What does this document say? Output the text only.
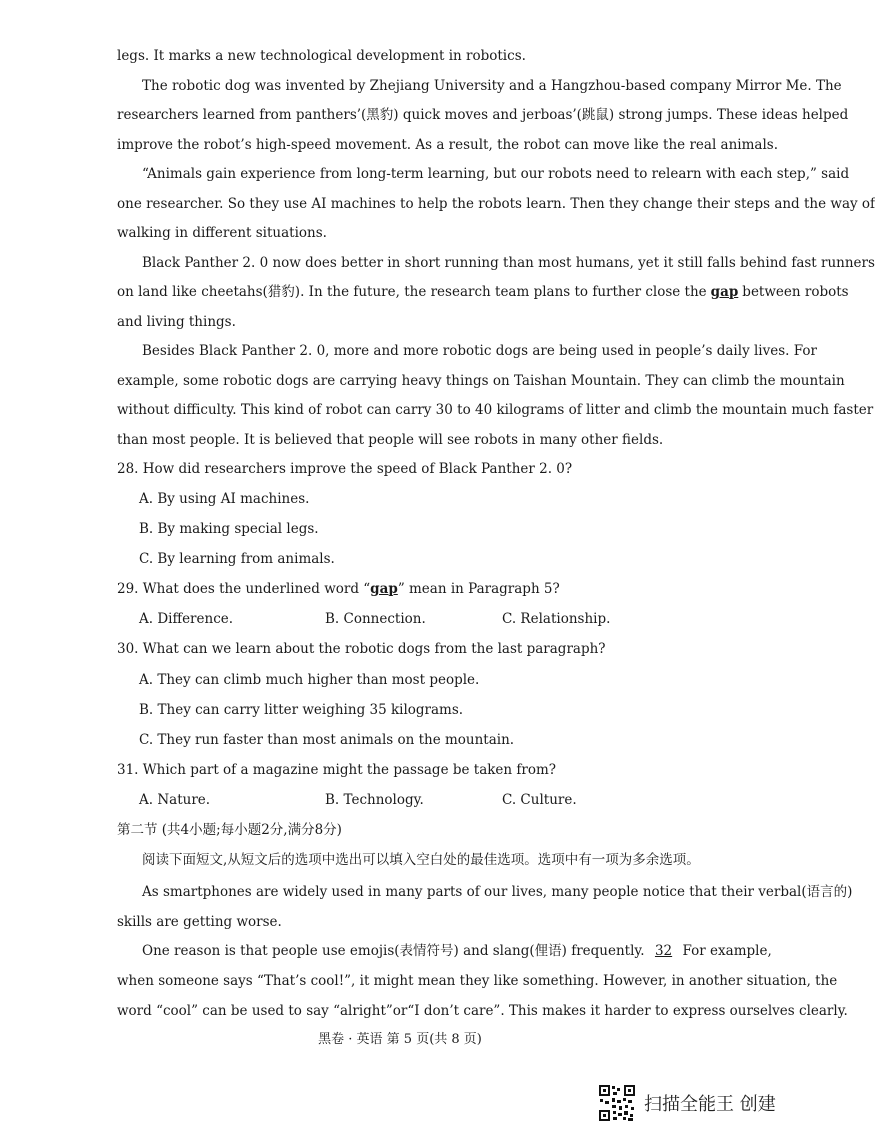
legs. It marks a new technological development in robotics.
The robotic dog was invented by Zhejiang University and a Hangzhou-based company Mirror Me. The
researchers learned from panthers’(黑豹) quick moves and jerboas’(跳鼠) strong jumps. These ideas helped
improve the robot’s high-speed movement. As a result, the robot can move like the real animals.
“Animals gain experience from long-term learning, but our robots need to relearn with each step,” said
one researcher. So they use AI machines to help the robots learn. Then they change their steps and the way of
walking in different situations.
Black Panther 2. 0 now does better in short running than most humans, yet it still falls behind fast runners
on land like cheetahs(猎豹). In the future, the research team plans to further close the gap between robots
and living things.
Besides Black Panther 2. 0, more and more robotic dogs are being used in people’s daily lives. For
example, some robotic dogs are carrying heavy things on Taishan Mountain. They can climb the mountain
without difficulty. This kind of robot can carry 30 to 40 kilograms of litter and climb the mountain much faster
than most people. It is believed that people will see robots in many other fields.
28. How did researchers improve the speed of Black Panther 2. 0?
A. By using AI machines.
B. By making special legs.
C. By learning from animals.
29. What does the underlined word “gap” mean in Paragraph 5?
A. Difference.	B. Connection.	C. Relationship.
30. What can we learn about the robotic dogs from the last paragraph?
A. They can climb much higher than most people.
B. They can carry litter weighing 35 kilograms.
C. They run faster than most animals on the mountain.
31. Which part of a magazine might the passage be taken from?
A. Nature.	B. Technology.	C. Culture.
第二节 (共4小题;每小题2分,满分8分)
阅读下面短文,从短文后的选项中选出可以填入空白处的最佳选项。选项中有一项为多余选项。
As smartphones are widely used in many parts of our lives, many people notice that their verbal(语言的)
skills are getting worse.
One reason is that people use emojis(表情符号) and slang(俚语) frequently. 32 For example,
when someone says “That’s cool!”, it might mean they like something. However, in another situation, the
word “cool” can be used to say “alright”or“I don’t care”. This makes it harder to express ourselves clearly.
黑卷 · 英语 第 5 页(共 8 页)
扫描全能王 创建
